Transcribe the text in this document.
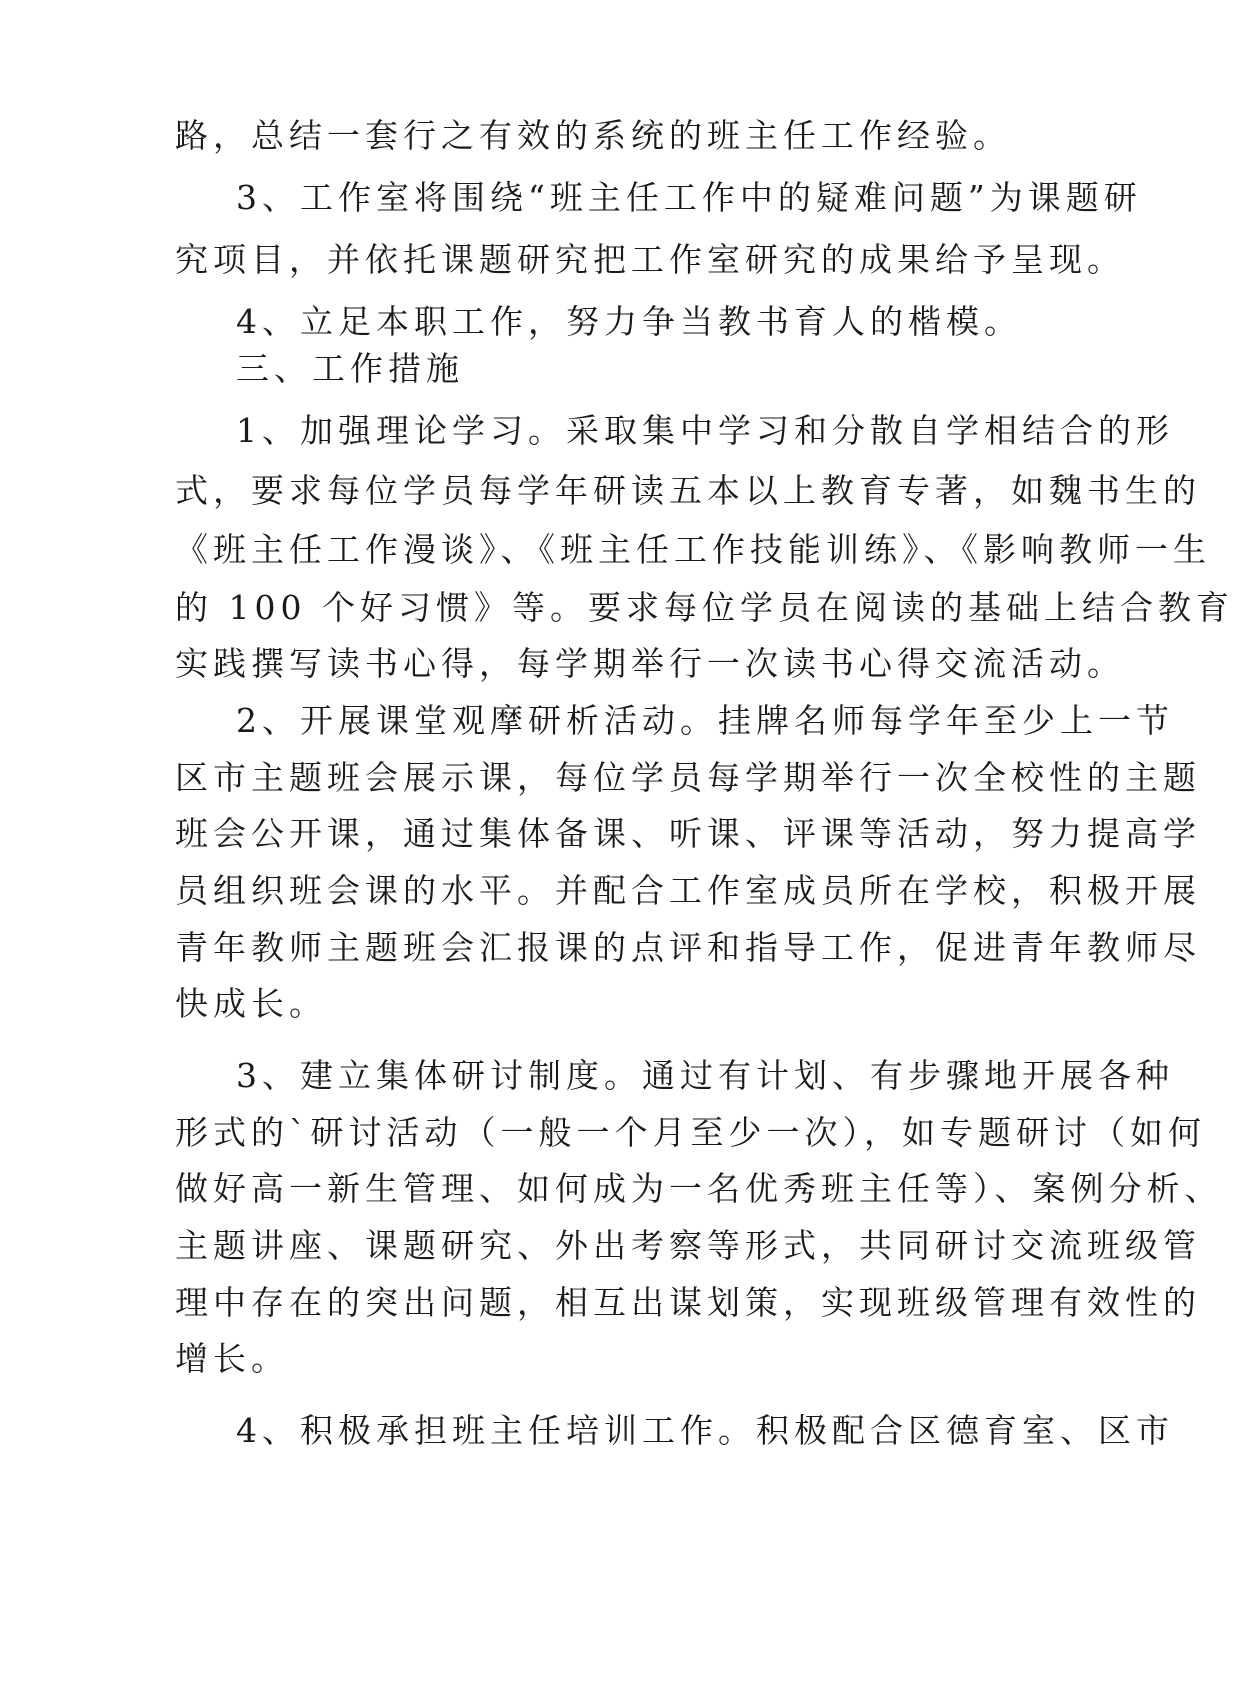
路，总结一套行之有效的系统的班主任工作经验。
3、工作室将围绕“班主任工作中的疑难问题”为课题研
究项目，并依托课题研究把工作室研究的成果给予呈现。
4、立足本职工作，努力争当教书育人的楷模。
三、工作措施
1、加强理论学习。采取集中学习和分散自学相结合的形
式，要求每位学员每学年研读五本以上教育专著，如魏书生的
《班主任工作漫谈》、《班主任工作技能训练》、《影响教师一生
的 100 个好习惯》等。要求每位学员在阅读的基础上结合教育
实践撰写读书心得，每学期举行一次读书心得交流活动。
2、开展课堂观摩研析活动。挂牌名师每学年至少上一节
区市主题班会展示课，每位学员每学期举行一次全校性的主题
班会公开课，通过集体备课、听课、评课等活动，努力提高学
员组织班会课的水平。并配合工作室成员所在学校，积极开展
青年教师主题班会汇报课的点评和指导工作，促进青年教师尽
快成长。
3、建立集体研讨制度。通过有计划、有步骤地开展各种
形式的`研讨活动（一般一个月至少一次），如专题研讨（如何
做好高一新生管理、如何成为一名优秀班主任等）、案例分析、
主题讲座、课题研究、外出考察等形式，共同研讨交流班级管
理中存在的突出问题，相互出谋划策，实现班级管理有效性的
增长。
4、积极承担班主任培训工作。积极配合区德育室、区市
